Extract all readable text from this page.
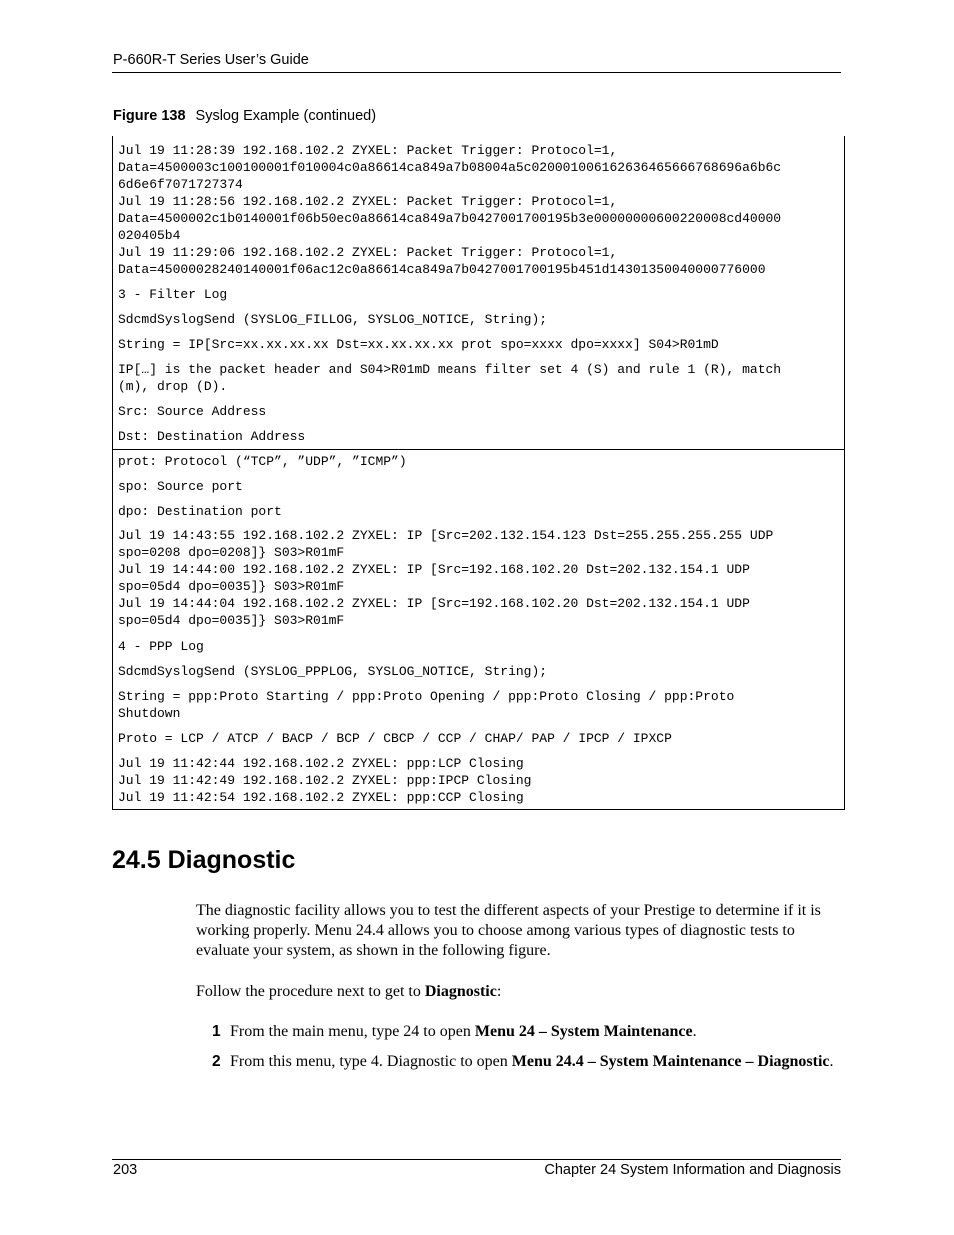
P-660R-T Series User’s Guide
Figure 138 Syslog Example (continued)
Jul 19 11:28:39 192.168.102.2 ZYXEL: Packet Trigger: Protocol=1,
Data=4500003c100100001f010004c0a86614ca849a7b08004a5c020001006162636465666768696a6b6c
6d6e6f7071727374
Jul 19 11:28:56 192.168.102.2 ZYXEL: Packet Trigger: Protocol=1,
Data=4500002c1b0140001f06b50ec0a86614ca849a7b0427001700195b3e00000000600220008cd40000
020405b4
Jul 19 11:29:06 192.168.102.2 ZYXEL: Packet Trigger: Protocol=1,
Data=45000028240140001f06ac12c0a86614ca849a7b0427001700195b451d14301350040000776000
3 - Filter Log
SdcmdSyslogSend (SYSLOG_FILLOG, SYSLOG_NOTICE, String);
String = IP[Src=xx.xx.xx.xx Dst=xx.xx.xx.xx prot spo=xxxx dpo=xxxx] S04>R01mD
IP[…] is the packet header and S04>R01mD means filter set 4 (S) and rule 1 (R), match
(m), drop (D).
Src: Source Address
Dst: Destination Address
prot: Protocol (“TCP”, ”UDP”, ”ICMP”)
spo: Source port
dpo: Destination port
Jul 19 14:43:55 192.168.102.2 ZYXEL: IP [Src=202.132.154.123 Dst=255.255.255.255 UDP
spo=0208 dpo=0208]} S03>R01mF
Jul 19 14:44:00 192.168.102.2 ZYXEL: IP [Src=192.168.102.20 Dst=202.132.154.1 UDP
spo=05d4 dpo=0035]} S03>R01mF
Jul 19 14:44:04 192.168.102.2 ZYXEL: IP [Src=192.168.102.20 Dst=202.132.154.1 UDP
spo=05d4 dpo=0035]} S03>R01mF
4 - PPP Log
SdcmdSyslogSend (SYSLOG_PPPLOG, SYSLOG_NOTICE, String);
String = ppp:Proto Starting / ppp:Proto Opening / ppp:Proto Closing / ppp:Proto
Shutdown
Proto = LCP / ATCP / BACP / BCP / CBCP / CCP / CHAP/ PAP / IPCP / IPXCP
Jul 19 11:42:44 192.168.102.2 ZYXEL: ppp:LCP Closing
Jul 19 11:42:49 192.168.102.2 ZYXEL: ppp:IPCP Closing
Jul 19 11:42:54 192.168.102.2 ZYXEL: ppp:CCP Closing
24.5 Diagnostic
The diagnostic facility allows you to test the different aspects of your Prestige to determine if it is working properly. Menu 24.4 allows you to choose among various types of diagnostic tests to evaluate your system, as shown in the following figure.
Follow the procedure next to get to Diagnostic:
1 From the main menu, type 24 to open Menu 24 – System Maintenance.
2 From this menu, type 4. Diagnostic to open Menu 24.4 – System Maintenance – Diagnostic.
203	Chapter 24 System Information and Diagnosis
